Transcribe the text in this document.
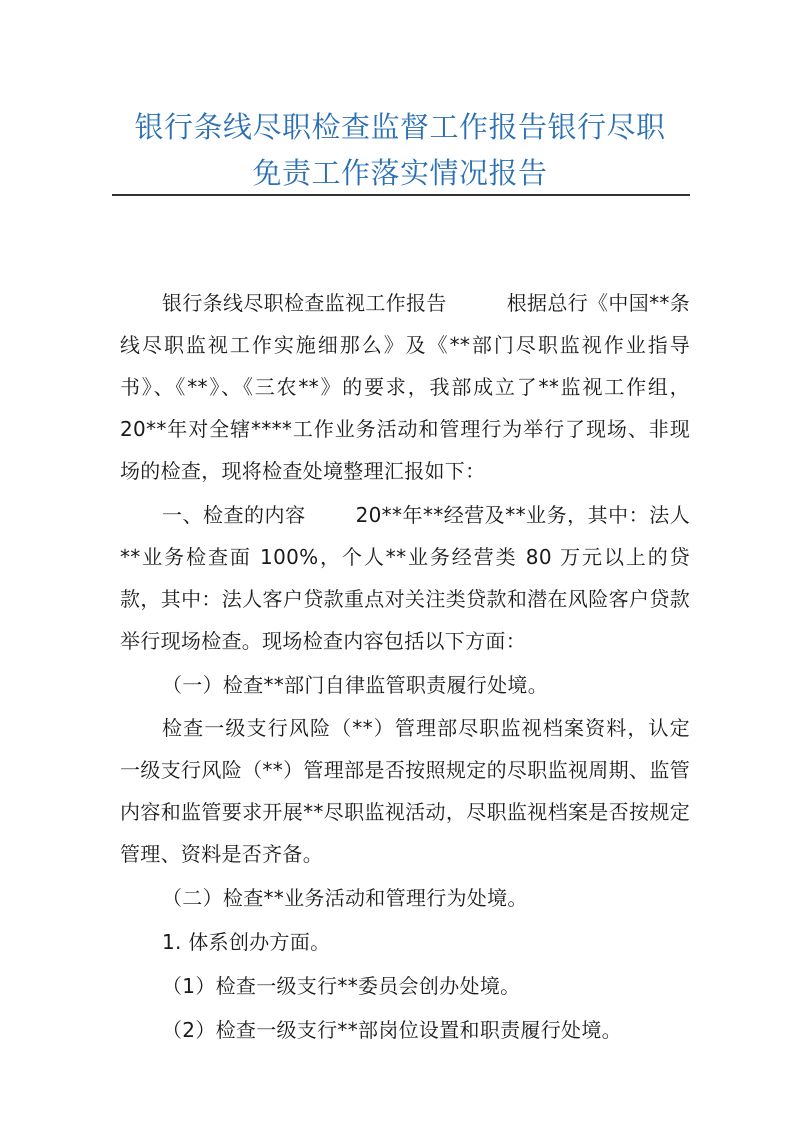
银行条线尽职检查监督工作报告银行尽职
免责工作落实情况报告

银行条线尽职检查监视工作报告	根据总行《中国**条线尽职监视工作实施细那么》及《**部门尽职监视作业指导书》、《**》、《三农**》的要求，我部成立了**监视工作组，20**年对全辖****工作业务活动和管理行为举行了现场、非现场的检查，现将检查处境整理汇报如下：

一、检查的内容	20**年**经营及**业务，其中：法人**业务检查面 100%，个人**业务经营类 80 万元以上的贷款，其中：法人客户贷款重点对关注类贷款和潜在风险客户贷款举行现场检查。现场检查内容包括以下方面：

（一）检查**部门自律监管职责履行处境。

检查一级支行风险（**）管理部尽职监视档案资料，认定一级支行风险（**）管理部是否按照规定的尽职监视周期、监管内容和监管要求开展**尽职监视活动，尽职监视档案是否按规定管理、资料是否齐备。

（二）检查**业务活动和管理行为处境。

1. 体系创办方面。

（1）检查一级支行**委员会创办处境。

（2）检查一级支行**部岗位设置和职责履行处境。
